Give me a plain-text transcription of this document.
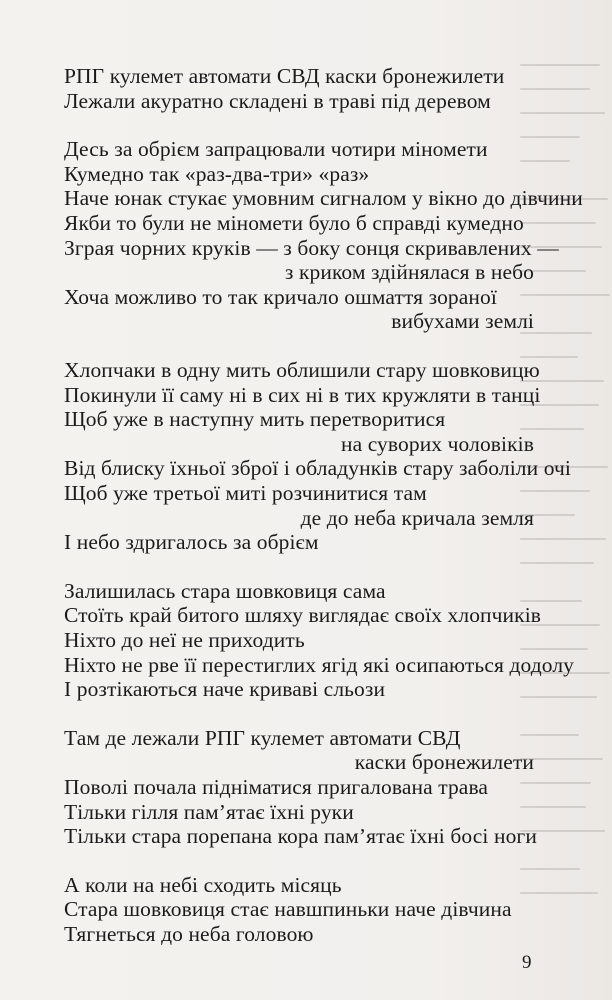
РПГ кулемет автомати СВД каски бронежилети
Лежали акуратно складені в траві під деревом
Десь за обрієм запрацювали чотири міномети
Кумедно так «раз-два-три» «раз»
Наче юнак стукає умовним сигналом у вікно до дівчини
Якби то були не міномети було б справді кумедно
Зграя чорних круків — з боку сонця скривавлених —
з криком здійнялася в небо
Хоча можливо то так кричало ошмаття зораної
вибухами землі
Хлопчаки в одну мить облишили стару шовковицю
Покинули її саму ні в сих ні в тих кружляти в танці
Щоб уже в наступну мить перетворитися
на суворих чоловіків
Від блиску їхньої зброї і обладунків стару заболіли очі
Щоб уже третьої миті розчинитися там
де до неба кричала земля
І небо здригалось за обрієм
Залишилась стара шовковиця сама
Стоїть край битого шляху виглядає своїх хлопчиків
Ніхто до неї не приходить
Ніхто не рве її перестиглих ягід які осипаються додолу
І розтікаються наче криваві сльози
Там де лежали РПГ кулемет автомати СВД
каски бронежилети
Поволі почала підніматися пригалована трава
Тільки гілля пам’ятає їхні руки
Тільки стара порепана кора пам’ятає їхні босі ноги
А коли на небі сходить місяць
Стара шовковиця стає навшпиньки наче дівчина
Тягнеться до неба головою
9
